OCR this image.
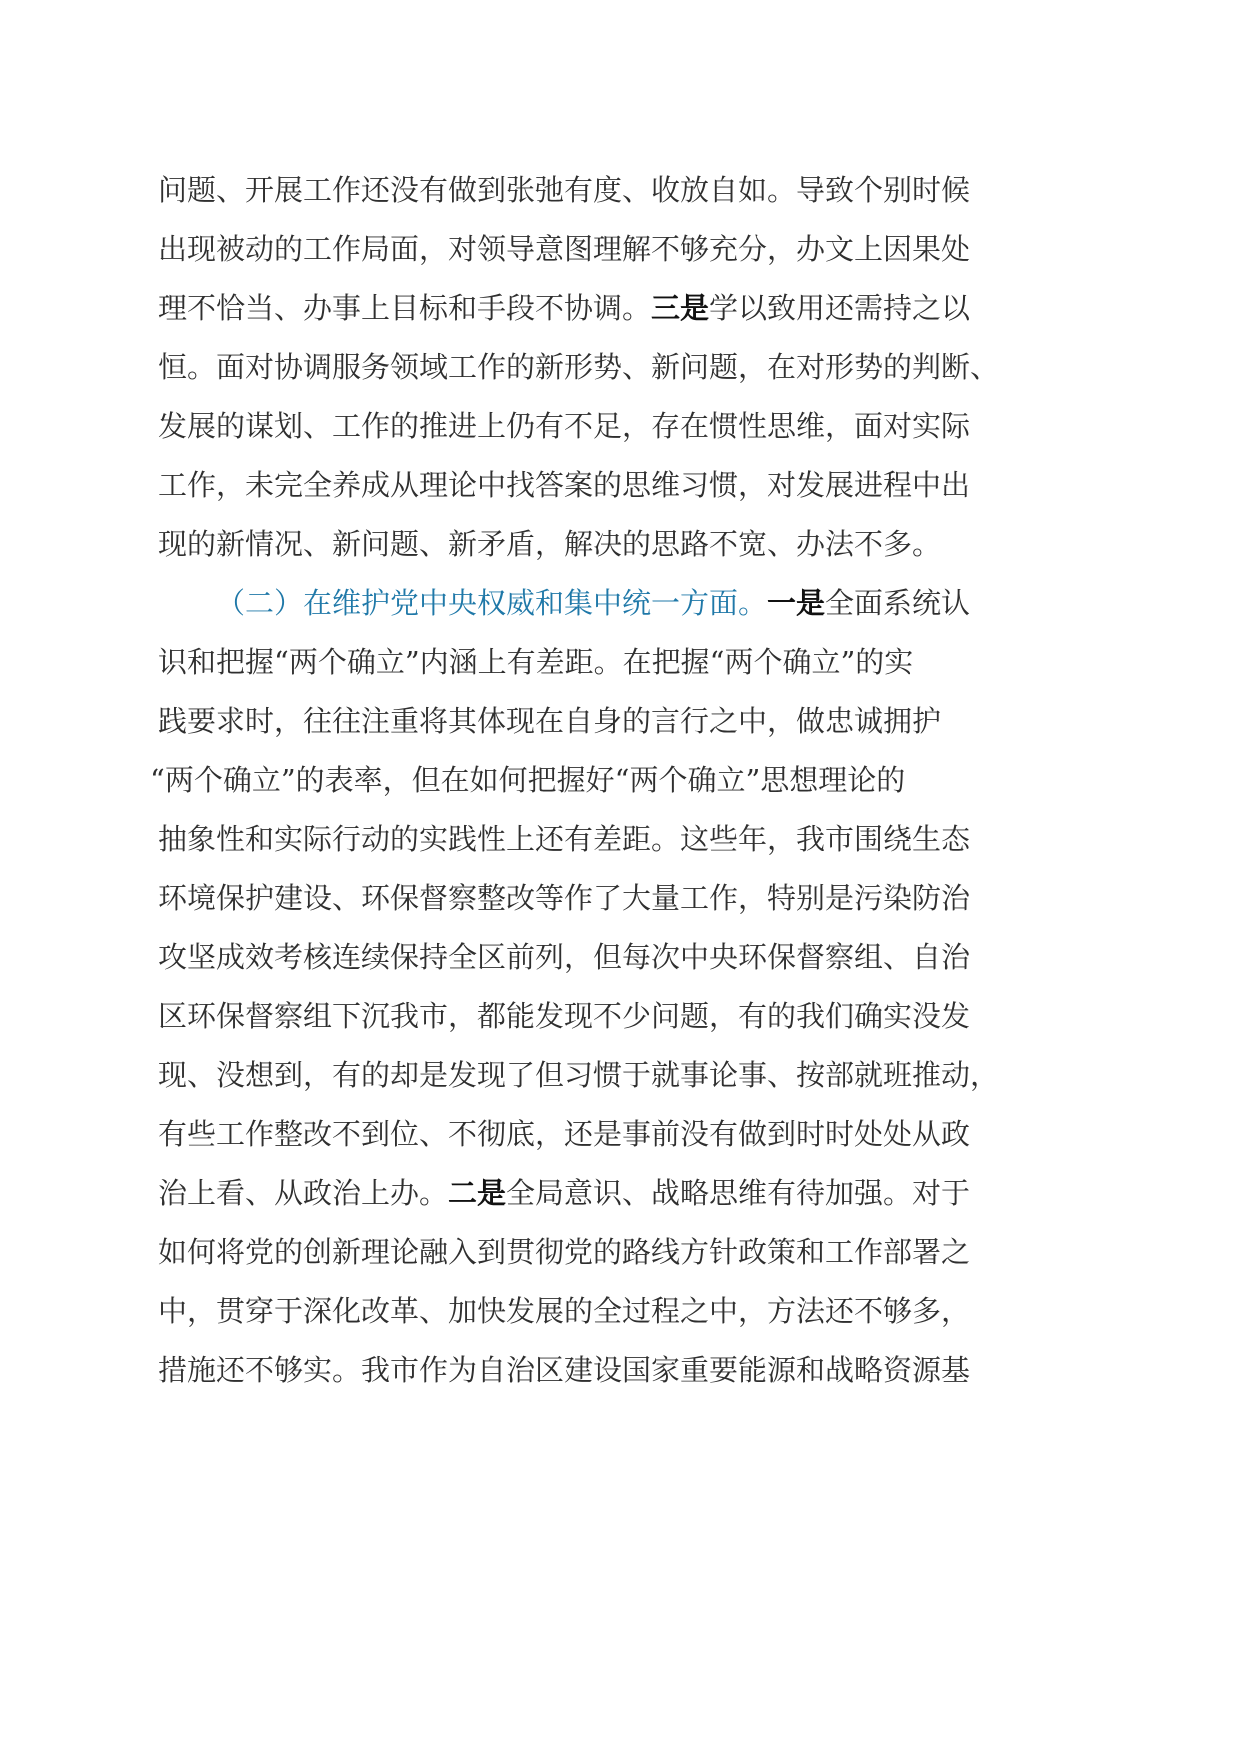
问题、开展工作还没有做到张弛有度、收放自如。导致个别时候
出现被动的工作局面，对领导意图理解不够充分，办文上因果处
理不恰当、办事上目标和手段不协调。三是学以致用还需持之以
恒。面对协调服务领域工作的新形势、新问题，在对形势的判断、
发展的谋划、工作的推进上仍有不足，存在惯性思维，面对实际
工作，未完全养成从理论中找答案的思维习惯，对发展进程中出
现的新情况、新问题、新矛盾，解决的思路不宽、办法不多。
（二）在维护党中央权威和集中统一方面。一是全面系统认
识和把握“两个确立”内涵上有差距。在把握“两个确立”的实
践要求时，往往注重将其体现在自身的言行之中，做忠诚拥护
“两个确立”的表率，但在如何把握好“两个确立”思想理论的
抽象性和实际行动的实践性上还有差距。这些年，我市围绕生态
环境保护建设、环保督察整改等作了大量工作，特别是污染防治
攻坚成效考核连续保持全区前列，但每次中央环保督察组、自治
区环保督察组下沉我市，都能发现不少问题，有的我们确实没发
现、没想到，有的却是发现了但习惯于就事论事、按部就班推动，
有些工作整改不到位、不彻底，还是事前没有做到时时处处从政
治上看、从政治上办。二是全局意识、战略思维有待加强。对于
如何将党的创新理论融入到贯彻党的路线方针政策和工作部署之
中，贯穿于深化改革、加快发展的全过程之中，方法还不够多，
措施还不够实。我市作为自治区建设国家重要能源和战略资源基
